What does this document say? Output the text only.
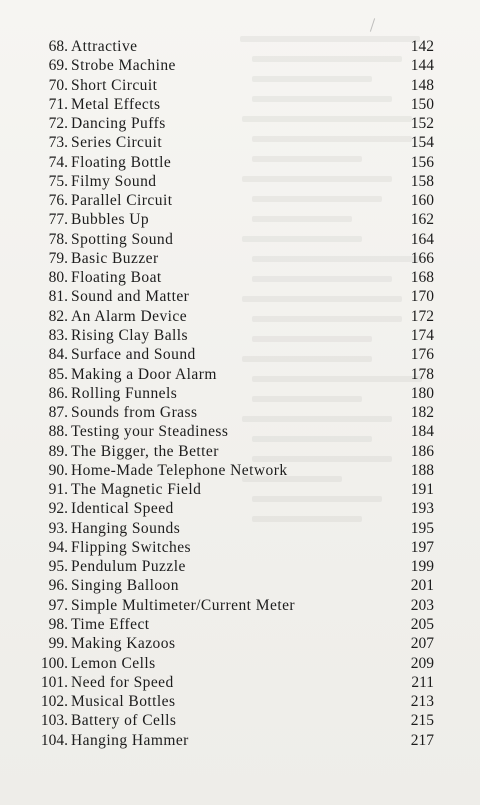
68. Attractive	142
69. Strobe Machine	144
70. Short Circuit	148
71. Metal Effects	150
72. Dancing Puffs	152
73. Series Circuit	154
74. Floating Bottle	156
75. Filmy Sound	158
76. Parallel Circuit	160
77. Bubbles Up	162
78. Spotting Sound	164
79. Basic Buzzer	166
80. Floating Boat	168
81. Sound and Matter	170
82. An Alarm Device	172
83. Rising Clay Balls	174
84. Surface and Sound	176
85. Making a Door Alarm	178
86. Rolling Funnels	180
87. Sounds from Grass	182
88. Testing your Steadiness	184
89. The Bigger, the Better	186
90. Home-Made Telephone Network	188
91. The Magnetic Field	191
92. Identical Speed	193
93. Hanging Sounds	195
94. Flipping Switches	197
95. Pendulum Puzzle	199
96. Singing Balloon	201
97. Simple Multimeter/Current Meter	203
98. Time Effect	205
99. Making Kazoos	207
100. Lemon Cells	209
101. Need for Speed	211
102. Musical Bottles	213
103. Battery of Cells	215
104. Hanging Hammer	217
